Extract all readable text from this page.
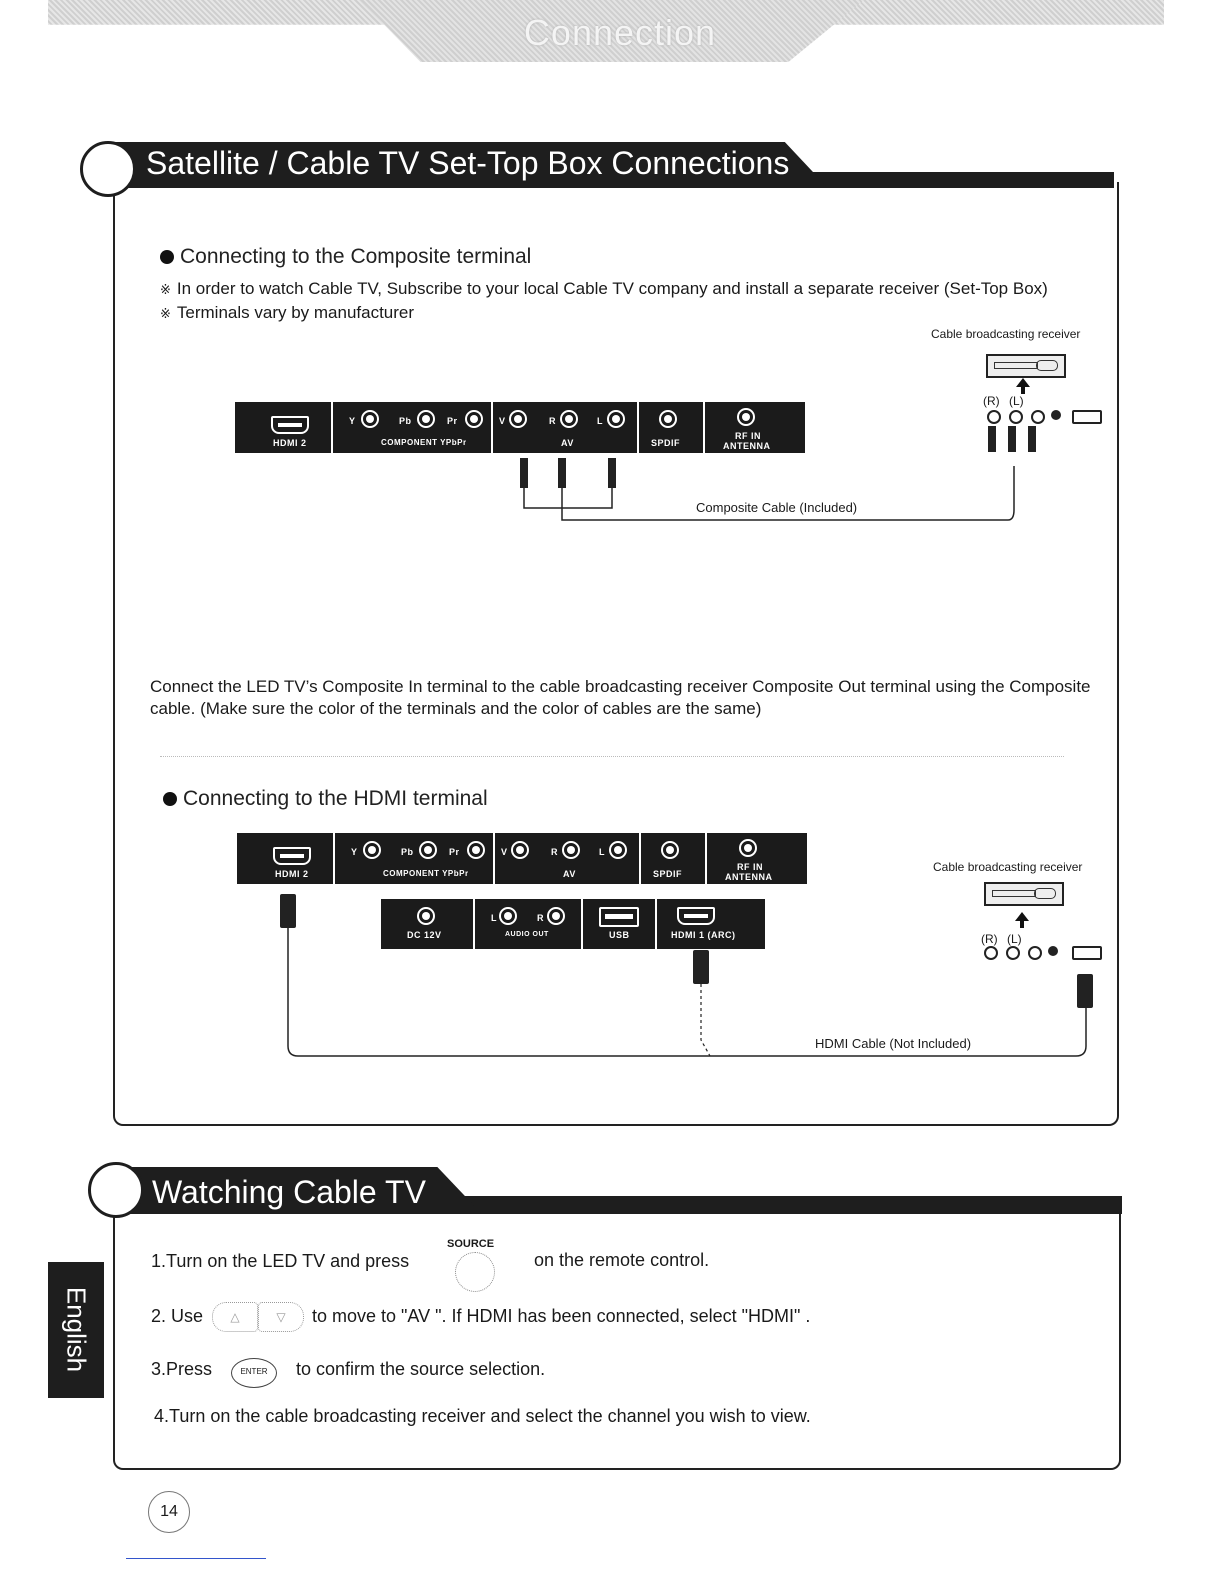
Connection
Satellite / Cable TV Set-Top Box Connections
Connecting to the Composite terminal
※ In order to watch Cable TV, Subscribe to your local Cable TV company and install a separate receiver (Set-Top Box)
※ Terminals vary by manufacturer
Cable broadcasting receiver
(R) (L)
HDMI 2
Y	Pb	Pr
COMPONENT YPbPr
V	R	L
AV	SPDIF
RF IN
ANTENNA
Composite Cable (Included)
Connect the LED TV’s Composite In terminal to the cable broadcasting receiver Composite Out terminal using the Composite cable. (Make sure the color of the terminals and the color of cables are the same)
Connecting to the HDMI terminal
HDMI 2
Y	Pb	Pr
COMPONENT YPbPr
V	R	L
AV	SPDIF
RF IN
ANTENNA
DC 12V
L	R
AUDIO OUT	USB	HDMI 1 (ARC)
Cable broadcasting receiver
(R) (L)
HDMI Cable (Not Included)
Watching Cable TV
1.Turn on the LED TV and press
SOURCE
on the remote control.
2. Use	△	▽	to move to "AV ". If HDMI has been connected, select "HDMI" .
3.Press	ENTER	to confirm the source selection.
4.Turn on the cable broadcasting receiver and select the channel you wish to view.
English
14
